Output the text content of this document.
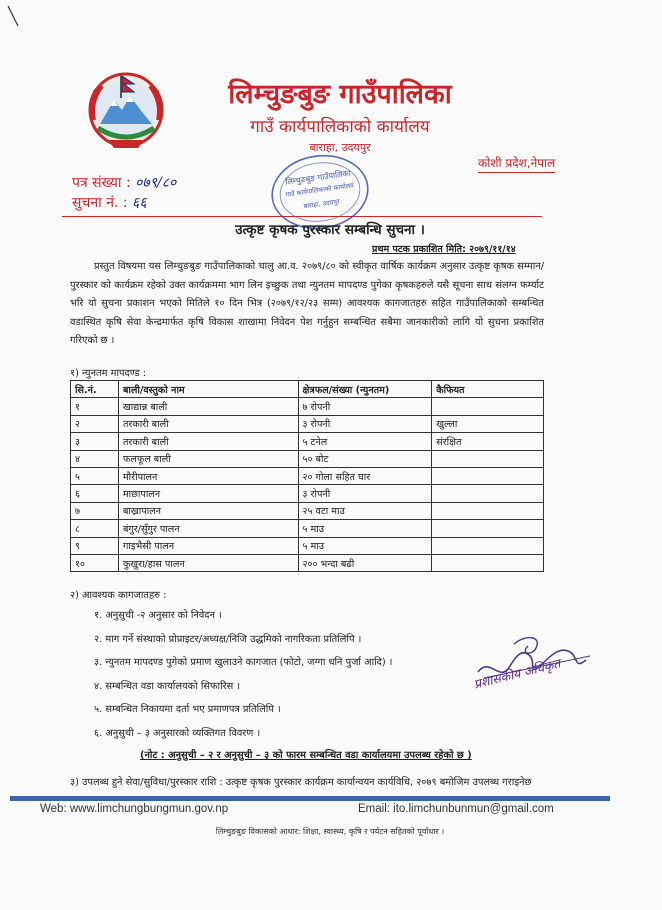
लिम्चुङबुङ गाउँपालिका
गाउँ कार्यपालिकाको कार्यालय
बाराहा, उदयपुर
कोशी प्रदेश,नेपाल
पत्र संख्या : ०७९/८०
सुचना नं. : ६६
लिम्चुङबुङ गाउँपालिका
गाउँ कार्यपालिकाको कार्यालय
बाराहा, उदयपुर
उत्कृष्ट कृषक पुरस्कार सम्बन्धि सुचना ।
प्रथम पटक प्रकाशित मिति: २०७९/११/१४
प्रस्तुत विषयमा यस लिम्चुङबुङ गाउँपालिकाको चालु आ.व. २०७९/८० को स्वीकृत वार्षिक कार्यक्रम अनुसार उत्कृष्ट कृषक सम्मान/पुरस्कार को कार्यक्रम रहेको उक्त कार्यक्रममा भाग लिन इच्छुक तथा न्युनतम मापदण्ड पुगेका कृषकहरुले यसै सूचना साथ संलग्न फर्म्याट भरि यो सुचना प्रकाशन भएको मितिले १० दिन भित्र (२०७९/१२/२३ सम्म) आवश्यक कागजातहरु सहित गाउँपालिकाको सम्बन्धित वडास्थित कृषि सेवा केन्द्रमार्फत कृषि विकास शाखामा निवेदन पेश गर्नुहुन सम्बन्धित सबैमा जानकारीको लागि यो सुचना प्रकाशित गरिएको छ ।
१) न्युनतम मापदण्ड :
सि.नं.	बाली/वस्तुको नाम	क्षेत्रफल/संख्या (न्युनतम)	कैफियत
१	खाद्यान्न बाली	७ रोपनी	
२	तरकारी बाली	३ रोपनी	खुल्ला
३	तरकारी बाली	५ टनेल	संरक्षित
४	फलफूल बाली	५० बोट	
५	मौरीपालन	२० गोला सहित घार	
६	माछापालन	३ रोपनी	
७	बाख्रापालन	२५ वटा माउ	
८	बंगुर/सुँगुर पालन	५ माउ	
९	गाइभैसी पालन	५ माउ	
१०	कुखुरा/हास पालन	२०० भन्दा बढी	
२) आवश्यक कागजातहरु :
१. अनुसुची -२ अनुसार को निवेदन ।
२. माग गर्ने संस्थाको प्रोप्राइटर/अध्यक्ष/निजि उद्धमिको नागरिकता प्रतिलिपि ।
३. न्युनतम मापदण्ड पुगेको प्रमाण खुलाउने कागजात (फोटो, जग्गा धनि पुर्जा आदि) ।
४. सम्बन्धित वडा कार्यालयको सिफारिस ।
५. सम्बन्धित निकायमा दर्ता भए प्रमाणपत्र प्रतिलिपि ।
६. अनुसुची – ३ अनुसारको व्यक्तिगत विवरण ।
प्रशासकीय अधिकृत
(नोट : अनुसुची – २ र अनुसुची – ३ को फारम सम्बन्धित वडा कार्यालयमा उपलब्ध रहेको छ )
३) उपलब्ध हुने सेवा/सुविधा/पुरस्कार राशि : उत्कृष्ट कृषक पुरस्कार कार्यक्रम कार्यान्वयन कार्यविधि, २०७९ बमोजिम उपलब्ध गराइनेछ
Web: www.limchungbungmun.gov.np	Email: ito.limchunbunmun@gmail.com
लिम्चुङबुङ विकासको आधार: शिक्षा, स्वास्थ्य, कृषि र पर्यटन सहितको पूर्वाधार ।
